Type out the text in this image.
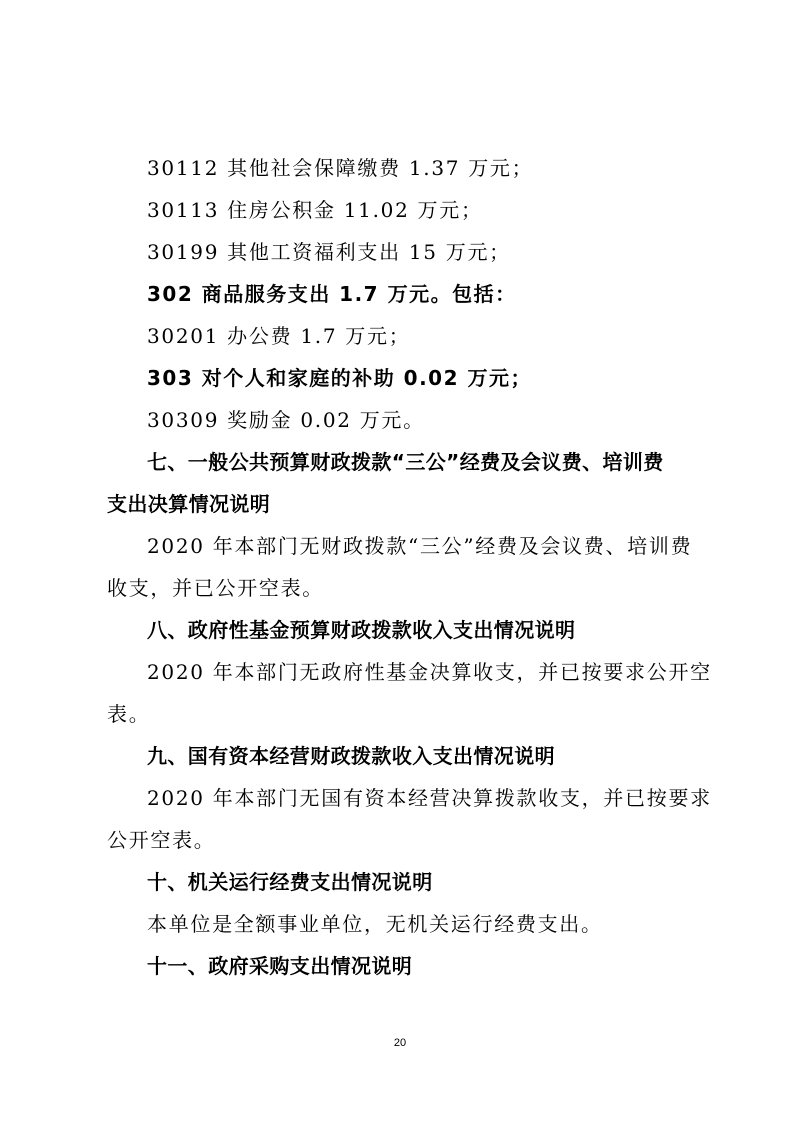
30112 其他社会保障缴费 1.37 万元；
30113 住房公积金 11.02 万元；
30199 其他工资福利支出 15 万元；
302 商品服务支出 1.7 万元。包括：
30201 办公费 1.7 万元；
303 对个人和家庭的补助 0.02 万元；
30309 奖励金 0.02 万元。
七、一般公共预算财政拨款“三公”经费及会议费、培训费
支出决算情况说明
2020 年本部门无财政拨款“三公”经费及会议费、培训费
收支，并已公开空表。
八、政府性基金预算财政拨款收入支出情况说明
2020 年本部门无政府性基金决算收支，并已按要求公开空
表。
九、国有资本经营财政拨款收入支出情况说明
2020 年本部门无国有资本经营决算拨款收支，并已按要求
公开空表。
十、机关运行经费支出情况说明
本单位是全额事业单位，无机关运行经费支出。
十一、政府采购支出情况说明
20
